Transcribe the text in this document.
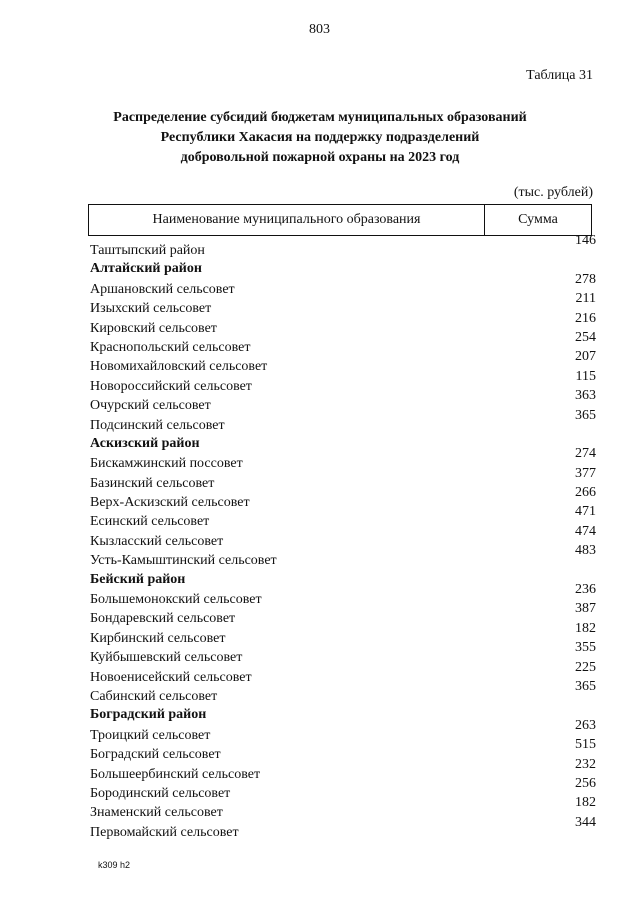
803
Таблица 31
Распределение субсидий бюджетам муниципальных образований
Республики Хакасия на поддержку подразделений
добровольной пожарной охраны на 2023 год
(тыс. рублей)
Наименование муниципального образования	Сумма
Таштыпский район
146
Алтайский район
Аршановский сельсовет
278
Изыхский сельсовет
211
Кировский сельсовет
216
Краснопольский сельсовет
254
Новомихайловский сельсовет
207
Новороссийский сельсовет
115
Очурский сельсовет
363
Подсинский сельсовет
365
Аскизский район
Бискамжинский поссовет
274
Базинский сельсовет
377
Верх-Аскизский сельсовет
266
Есинский сельсовет
471
Кызласский сельсовет
474
Усть-Камыштинский сельсовет
483
Бейский район
Большемонокский сельсовет
236
Бондаревский сельсовет
387
Кирбинский сельсовет
182
Куйбышевский сельсовет
355
Новоенисейский сельсовет
225
Сабинский сельсовет
365
Боградский район
Троицкий сельсовет
263
Боградский сельсовет
515
Большеербинский сельсовет
232
Бородинский сельсовет
256
Знаменский сельсовет
182
Первомайский сельсовет
344
k309 h2
